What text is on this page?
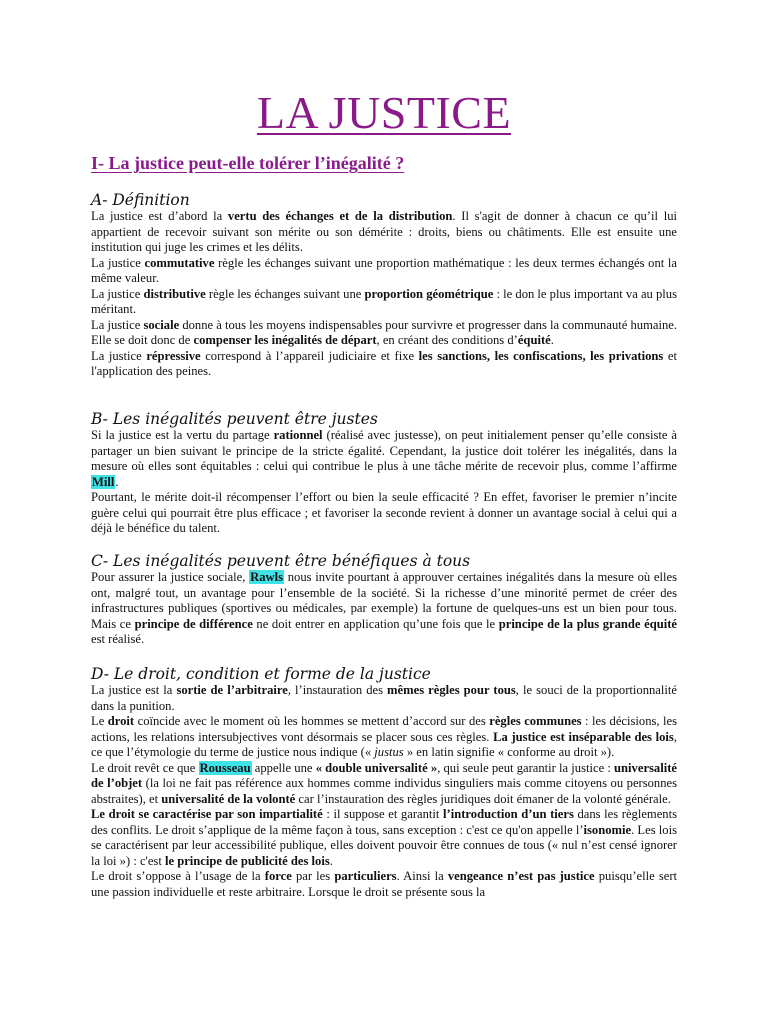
LA JUSTICE
I- La justice peut-elle tolérer l’inégalité ?
A- Définition

La justice est d’abord la vertu des échanges et de la distribution. Il s'agit de donner à chacun ce qu’il lui appartient de recevoir suivant son mérite ou son démérite : droits, biens ou châtiments. Elle est ensuite une institution qui juge les crimes et les délits.

La justice commutative règle les échanges suivant une proportion mathématique : les deux termes échangés ont la même valeur.

La justice distributive règle les échanges suivant une proportion géométrique : le don le plus important va au plus méritant.

La justice sociale donne à tous les moyens indispensables pour survivre et progresser dans la communauté humaine. Elle se doit donc de compenser les inégalités de départ, en créant des conditions d’équité.

La justice répressive correspond à l’appareil judiciaire et fixe les sanctions, les confiscations, les privations et l'application des peines.

B- Les inégalités peuvent être justes

Si la justice est la vertu du partage rationnel (réalisé avec justesse), on peut initialement penser qu’elle consiste à partager un bien suivant le principe de la stricte égalité. Cependant, la justice doit tolérer les inégalités, dans la mesure où elles sont équitables : celui qui contribue le plus à une tâche mérite de recevoir plus, comme l’affirme Mill.

Pourtant, le mérite doit-il récompenser l’effort ou bien la seule efficacité ? En effet, favoriser le premier n’incite guère celui qui pourrait être plus efficace ; et favoriser la seconde revient à donner un avantage social à celui qui a déjà le bénéfice du talent.

C- Les inégalités peuvent être bénéfiques à tous

Pour assurer la justice sociale, Rawls nous invite pourtant à approuver certaines inégalités dans la mesure où elles ont, malgré tout, un avantage pour l’ensemble de la société. Si la richesse d’une minorité permet de créer des infrastructures publiques (sportives ou médicales, par exemple) la fortune de quelques-uns est un bien pour tous. Mais ce principe de différence ne doit entrer en application qu’une fois que le principe de la plus grande équité est réalisé.

D- Le droit, condition et forme de la justice

La justice est la sortie de l’arbitraire, l’instauration des mêmes règles pour tous, le souci de la proportionnalité dans la punition.

Le droit coïncide avec le moment où les hommes se mettent d’accord sur des règles communes : les décisions, les actions, les relations intersubjectives vont désormais se placer sous ces règles. La justice est inséparable des lois, ce que l’étymologie du terme de justice nous indique (« justus » en latin signifie « conforme au droit »).

Le droit revêt ce que Rousseau appelle une « double universalité », qui seule peut garantir la justice : universalité de l’objet (la loi ne fait pas référence aux hommes comme individus singuliers mais comme citoyens ou personnes abstraites), et universalité de la volonté car l’instauration des règles juridiques doit émaner de la volonté générale.

Le droit se caractérise par son impartialité : il suppose et garantit l’introduction d’un tiers dans les règlements des conflits. Le droit s’applique de la même façon à tous, sans exception : c'est ce qu'on appelle l’isonomie. Les lois se caractérisent par leur accessibilité publique, elles doivent pouvoir être connues de tous (« nul n’est censé ignorer la loi ») : c'est le principe de publicité des lois.

Le droit s’oppose à l’usage de la force par les particuliers. Ainsi la vengeance n’est pas justice puisqu’elle sert une passion individuelle et reste arbitraire. Lorsque le droit se présente sous la
